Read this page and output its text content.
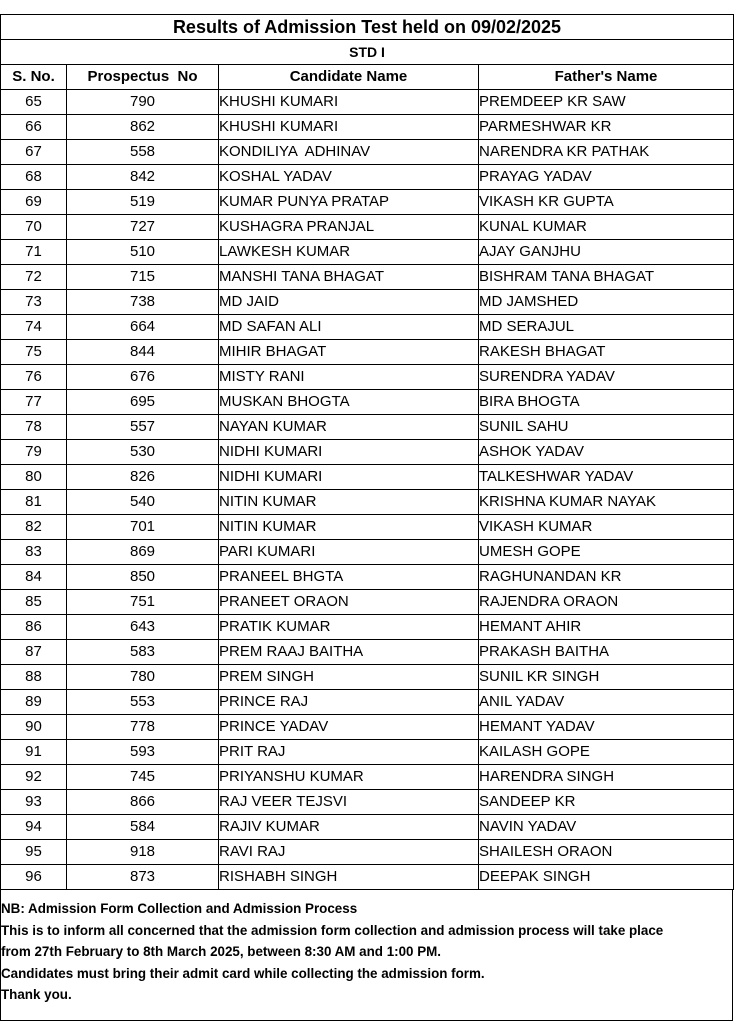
Results of Admission Test held on 09/02/2025			
STD I			
S. No.	Prospectus  No	Candidate Name	Father's Name
65	790	KHUSHI KUMARI	PREMDEEP KR SAW
66	862	KHUSHI KUMARI	PARMESHWAR KR
67	558	KONDILIYA  ADHINAV	NARENDRA KR PATHAK
68	842	KOSHAL YADAV	PRAYAG YADAV
69	519	KUMAR PUNYA PRATAP	VIKASH KR GUPTA
70	727	KUSHAGRA PRANJAL	KUNAL KUMAR
71	510	LAWKESH KUMAR	AJAY GANJHU
72	715	MANSHI TANA BHAGAT	BISHRAM TANA BHAGAT
73	738	MD JAID	MD JAMSHED
74	664	MD SAFAN ALI	MD SERAJUL
75	844	MIHIR BHAGAT	RAKESH BHAGAT
76	676	MISTY RANI	SURENDRA YADAV
77	695	MUSKAN BHOGTA	BIRA BHOGTA
78	557	NAYAN KUMAR	SUNIL SAHU
79	530	NIDHI KUMARI	ASHOK YADAV
80	826	NIDHI KUMARI	TALKESHWAR YADAV
81	540	NITIN KUMAR	KRISHNA KUMAR NAYAK
82	701	NITIN KUMAR	VIKASH KUMAR
83	869	PARI KUMARI	UMESH GOPE
84	850	PRANEEL BHGTA	RAGHUNANDAN KR
85	751	PRANEET ORAON	RAJENDRA ORAON
86	643	PRATIK KUMAR	HEMANT AHIR
87	583	PREM RAAJ BAITHA	PRAKASH BAITHA
88	780	PREM SINGH	SUNIL KR SINGH
89	553	PRINCE RAJ	ANIL YADAV
90	778	PRINCE YADAV	HEMANT YADAV
91	593	PRIT RAJ	KAILASH GOPE
92	745	PRIYANSHU KUMAR	HARENDRA SINGH
93	866	RAJ VEER TEJSVI	SANDEEP KR
94	584	RAJIV KUMAR	NAVIN YADAV
95	918	RAVI RAJ	SHAILESH ORAON
96	873	RISHABH SINGH	DEEPAK SINGH
NB: Admission Form Collection and Admission Process
This is to inform all concerned that the admission form collection and admission process will take place
from 27th February to 8th March 2025, between 8:30 AM and 1:00 PM.
Candidates must bring their admit card while collecting the admission form.
Thank you.
